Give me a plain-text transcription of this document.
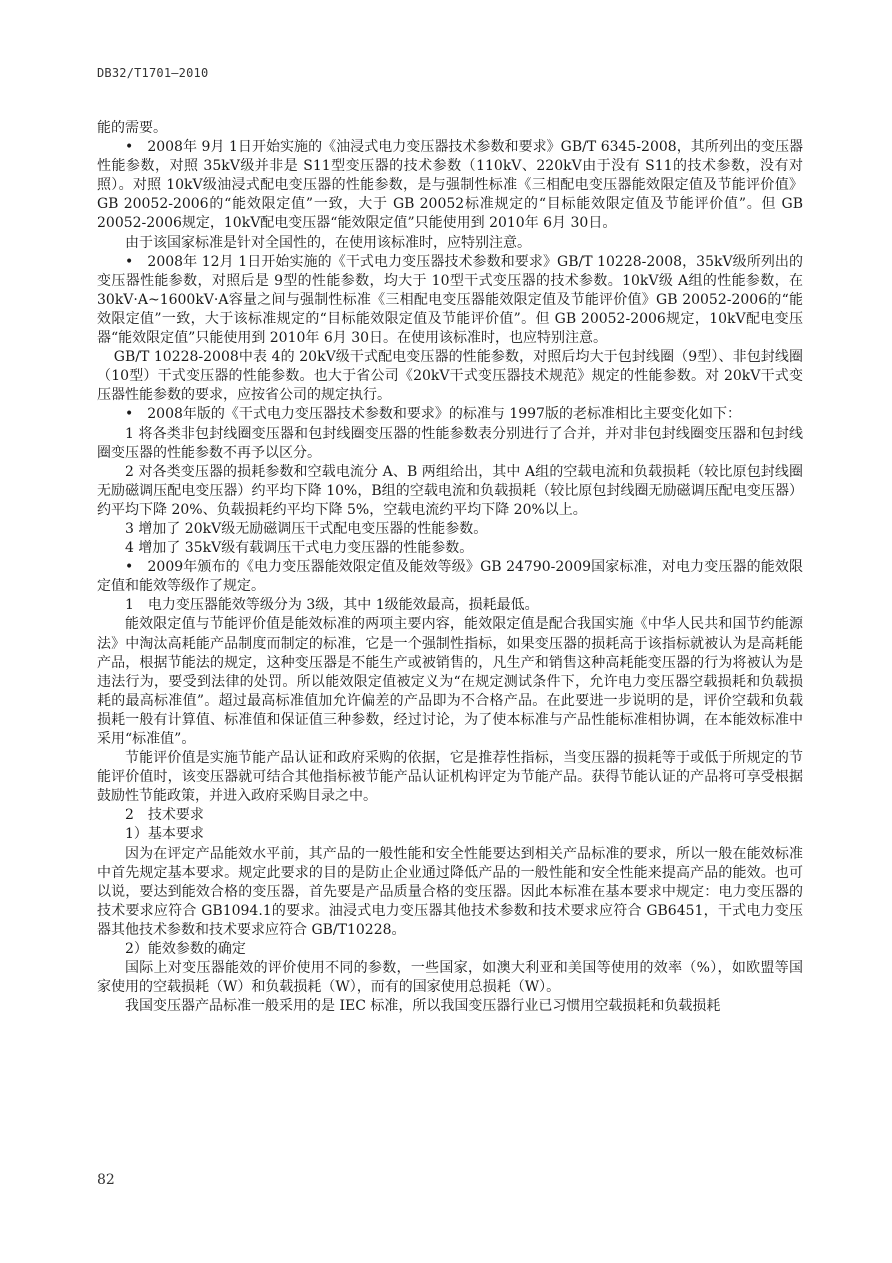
DB32/T1701—2010

能的需要。

•　2008年 9月 1日开始实施的《油浸式电力变压器技术参数和要求》GB/T 6345-2008，其所列出的变压器性能参数，对照 35kV级并非是 S11型变压器的技术参数（110kV、220kV由于没有 S11的技术参数，没有对照）。对照 10kV级油浸式配电变压器的性能参数，是与强制性标准《三相配电变压器能效限定值及节能评价值》GB 20052-2006的“能效限定值”一致，大于 GB 20052标准规定的“目标能效限定值及节能评价值”。但 GB 20052-2006规定，10kV配电变压器“能效限定值”只能使用到 2010年 6月 30日。

由于该国家标准是针对全国性的，在使用该标准时，应特别注意。

•　2008年 12月 1日开始实施的《干式电力变压器技术参数和要求》GB/T 10228-2008，35kV级所列出的变压器性能参数，对照后是 9型的性能参数，均大于 10型干式变压器的技术参数。10kV级 A组的性能参数，在 30kV·A~1600kV·A容量之间与强制性标准《三相配电变压器能效限定值及节能评价值》GB 20052-2006的“能效限定值”一致，大于该标准规定的“目标能效限定值及节能评价值”。但 GB 20052-2006规定，10kV配电变压器“能效限定值”只能使用到 2010年 6月 30日。在使用该标准时，也应特别注意。

GB/T 10228-2008中表 4的 20kV级干式配电变压器的性能参数，对照后均大于包封线圈（9型）、非包封线圈（10型）干式变压器的性能参数。也大于省公司《20kV干式变压器技术规范》规定的性能参数。对 20kV干式变压器性能参数的要求，应按省公司的规定执行。

•　2008年版的《干式电力变压器技术参数和要求》的标准与 1997版的老标准相比主要变化如下：

1 将各类非包封线圈变压器和包封线圈变压器的性能参数表分别进行了合并，并对非包封线圈变压器和包封线圈变压器的性能参数不再予以区分。

2 对各类变压器的损耗参数和空载电流分 A、B 两组给出，其中 A组的空载电流和负载损耗（较比原包封线圈无励磁调压配电变压器）约平均下降 10%，B组的空载电流和负载损耗（较比原包封线圈无励磁调压配电变压器）约平均下降 20%、负载损耗约平均下降 5%，空载电流约平均下降 20%以上。

3 增加了 20kV级无励磁调压干式配电变压器的性能参数。

4 增加了 35kV级有载调压干式电力变压器的性能参数。

•　2009年颁布的《电力变压器能效限定值及能效等级》GB 24790-2009国家标准，对电力变压器的能效限定值和能效等级作了规定。

1　电力变压器能效等级分为 3级，其中 1级能效最高，损耗最低。

能效限定值与节能评价值是能效标准的两项主要内容，能效限定值是配合我国实施《中华人民共和国节约能源法》中淘汰高耗能产品制度而制定的标准，它是一个强制性指标，如果变压器的损耗高于该指标就被认为是高耗能产品，根据节能法的规定，这种变压器是不能生产或被销售的，凡生产和销售这种高耗能变压器的行为将被认为是违法行为，要受到法律的处罚。所以能效限定值被定义为“在规定测试条件下，允许电力变压器空载损耗和负载损耗的最高标准值”。超过最高标准值加允许偏差的产品即为不合格产品。在此要进一步说明的是，评价空载和负载损耗一般有计算值、标准值和保证值三种参数，经过讨论，为了使本标准与产品性能标准相协调，在本能效标准中采用“标准值”。

节能评价值是实施节能产品认证和政府采购的依据，它是推荐性指标，当变压器的损耗等于或低于所规定的节能评价值时，该变压器就可结合其他指标被节能产品认证机构评定为节能产品。获得节能认证的产品将可享受根据鼓励性节能政策，并进入政府采购目录之中。

2　技术要求

1）基本要求

因为在评定产品能效水平前，其产品的一般性能和安全性能要达到相关产品标准的要求，所以一般在能效标准中首先规定基本要求。规定此要求的目的是防止企业通过降低产品的一般性能和安全性能来提高产品的能效。也可以说，要达到能效合格的变压器，首先要是产品质量合格的变压器。因此本标准在基本要求中规定：电力变压器的技术要求应符合 GB1094.1的要求。油浸式电力变压器其他技术参数和技术要求应符合 GB6451，干式电力变压器其他技术参数和技术要求应符合 GB/T10228。

2）能效参数的确定

国际上对变压器能效的评价使用不同的参数，一些国家，如澳大利亚和美国等使用的效率（%），如欧盟等国家使用的空载损耗（W）和负载损耗（W），而有的国家使用总损耗（W）。

我国变压器产品标准一般采用的是 IEC 标准，所以我国变压器行业已习惯用空载损耗和负载损耗

82
